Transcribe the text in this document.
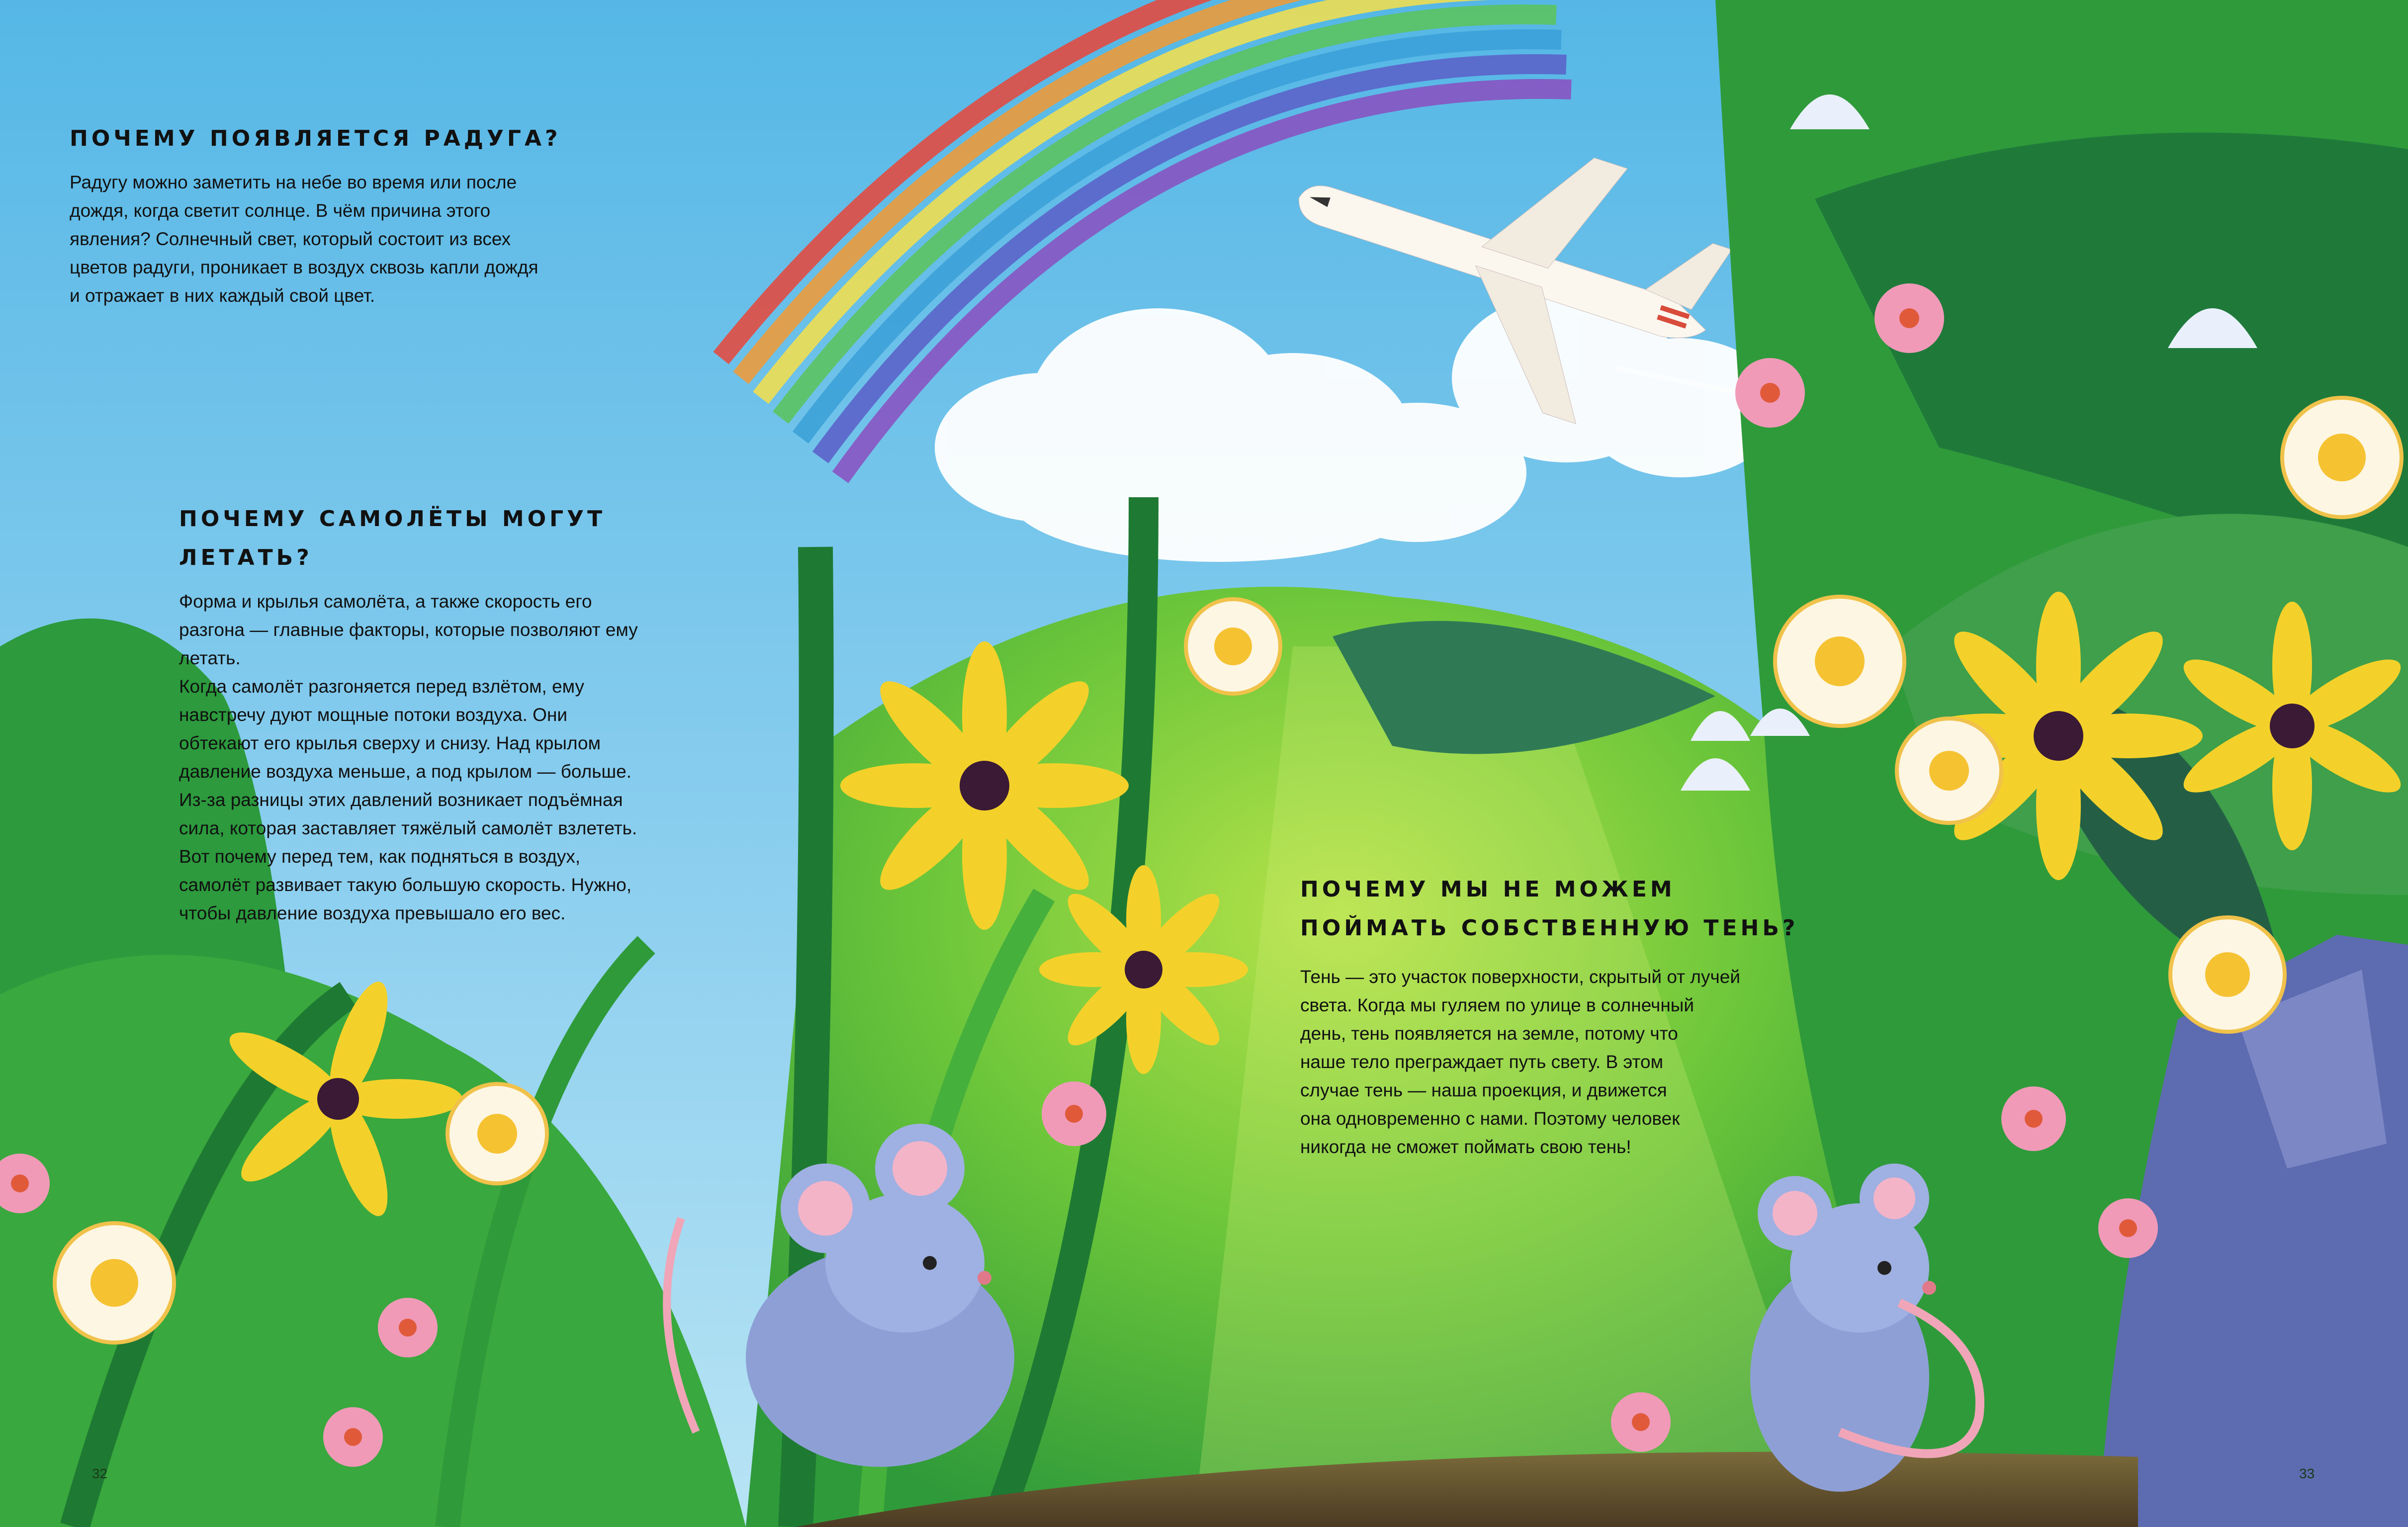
ПОЧЕМУ ПОЯВЛЯЕТСЯ РАДУГА?

Радугу можно заметить на небе во время или после
дождя, когда светит солнце. В чём причина этого
явления? Солнечный свет, который состоит из всех
цветов радуги, проникает в воздух сквозь капли дождя
и отражает в них каждый свой цвет.

ПОЧЕМУ САМОЛЁТЫ МОГУТ
ЛЕТАТЬ?

Форма и крылья самолёта, а также скорость его
разгона — главные факторы, которые позволяют ему
летать.
Когда самолёт разгоняется перед взлётом, ему
навстречу дуют мощные потоки воздуха. Они
обтекают его крылья сверху и снизу. Над крылом
давление воздуха меньше, а под крылом — больше.
Из-за разницы этих давлений возникает подъёмная
сила, которая заставляет тяжёлый самолёт взлететь.
Вот почему перед тем, как подняться в воздух,
самолёт развивает такую большую скорость. Нужно,
чтобы давление воздуха превышало его вес.

ПОЧЕМУ МЫ НЕ МОЖЕМ
ПОЙМАТЬ СОБСТВЕННУЮ ТЕНЬ?

Тень — это участок поверхности, скрытый от лучей
света. Когда мы гуляем по улице в солнечный
день, тень появляется на земле, потому что
наше тело преграждает путь свету. В этом
случае тень — наша проекция, и движется
она одновременно с нами. Поэтому человек
никогда не сможет поймать свою тень!

32	33
